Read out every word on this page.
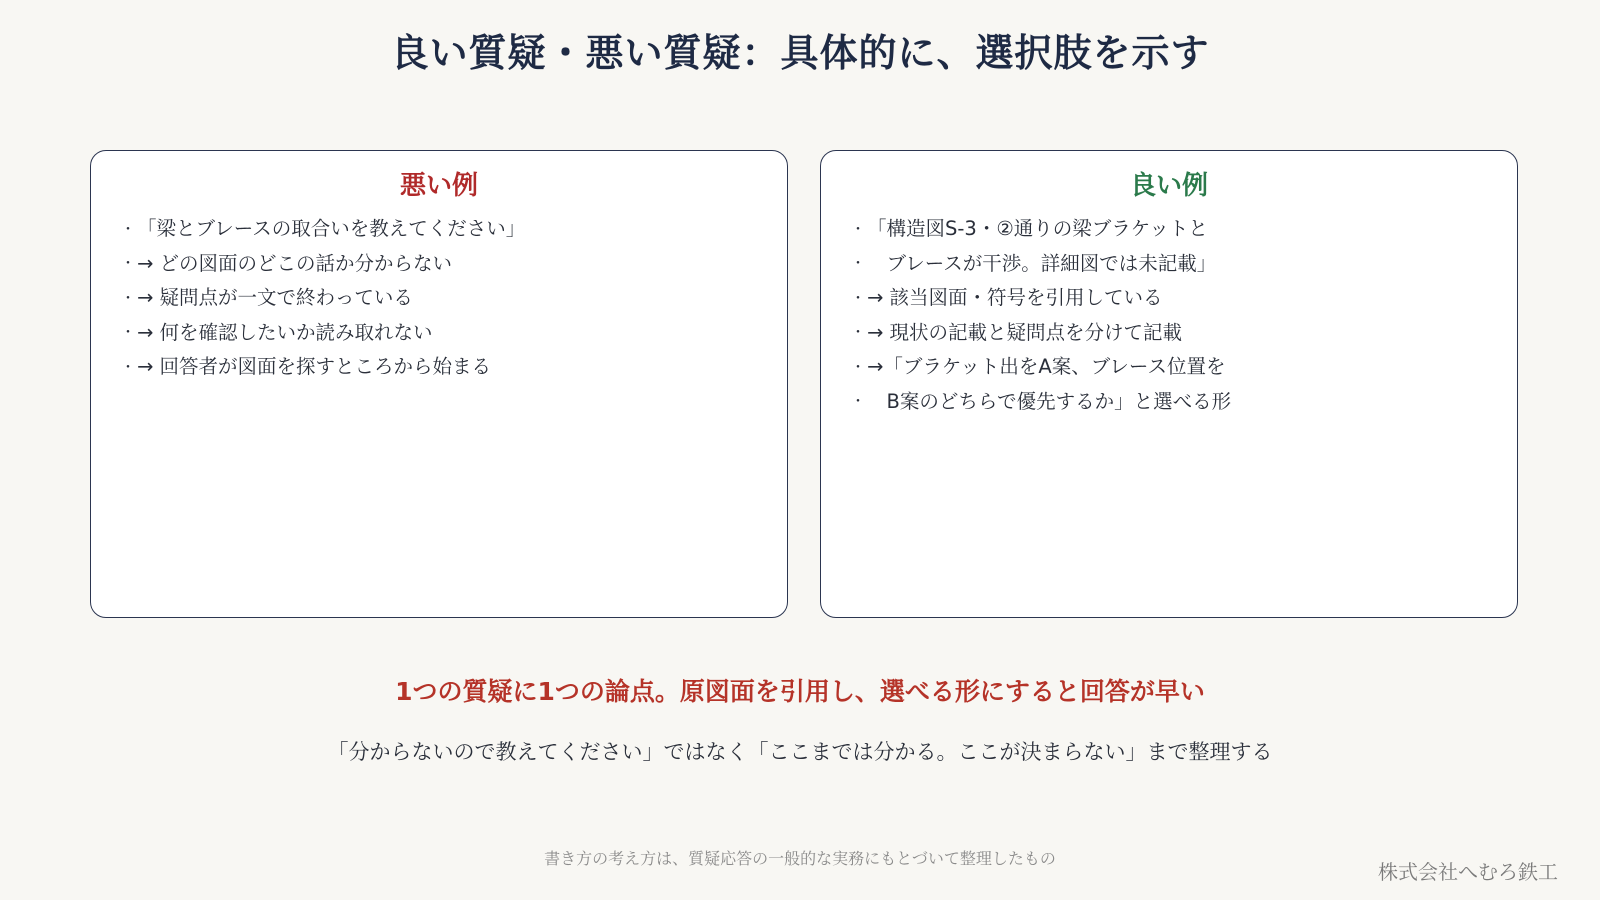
良い質疑・悪い質疑：具体的に、選択肢を示す
悪い例
・ 「梁とブレースの取合いを教えてください」
・ → どの図面のどこの話か分からない
・ → 疑問点が一文で終わっている
・ → 何を確認したいか読み取れない
・ → 回答者が図面を探すところから始まる
良い例
・ 「構造図S-3・②通りの梁ブラケットと
・　ブレースが干渉。詳細図では未記載」
・ → 該当図面・符号を引用している
・ → 現状の記載と疑問点を分けて記載
・ →「ブラケット出をA案、ブレース位置を
・　B案のどちらで優先するか」と選べる形
1つの質疑に1つの論点。原図面を引用し、選べる形にすると回答が早い
「分からないので教えてください」ではなく「ここまでは分かる。ここが決まらない」まで整理する
書き方の考え方は、質疑応答の一般的な実務にもとづいて整理したもの
株式会社へむろ鉄工
